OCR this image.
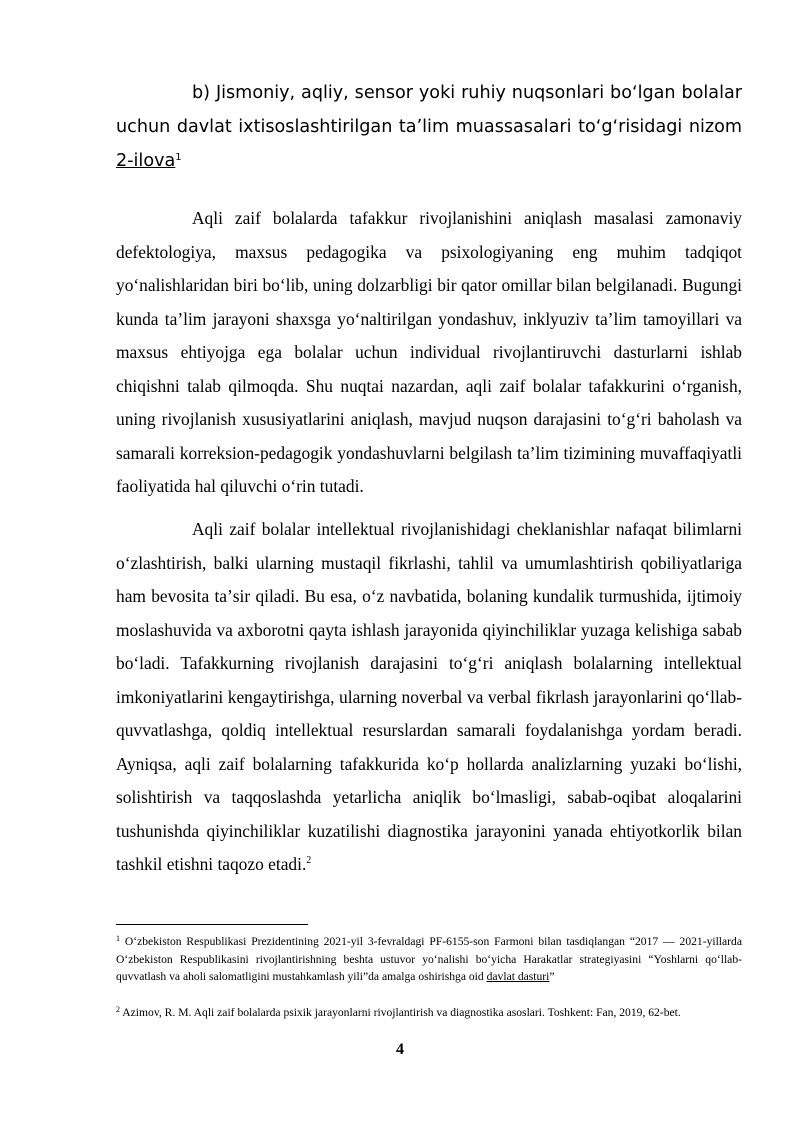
b) Jismoniy, aqliy, sensor yoki ruhiy nuqsonlari boʻlgan bolalar uchun davlat ixtisoslashtirilgan taʼlim muassasalari toʻgʻrisidagi nizom 2-ilova$^1$

Aqli zaif bolalarda tafakkur rivojlanishini aniqlash masalasi zamonaviy defektologiya, maxsus pedagogika va psixologiyaning eng muhim tadqiqot yoʻnalishlaridan biri boʻlib, uning dolzarbligi bir qator omillar bilan belgilanadi. Bugungi kunda taʼlim jarayoni shaxsga yoʻnaltirilgan yondashuv, inklyuziv taʼlim tamoyillari va maxsus ehtiyojga ega bolalar uchun individual rivojlantiruvchi dasturlarni ishlab chiqishni talab qilmoqda. Shu nuqtai nazardan, aqli zaif bolalar tafakkurini oʻrganish, uning rivojlanish xususiyatlarini aniqlash, mavjud nuqson darajasini toʻgʻri baholash va samarali korreksion-pedagogik yondashuvlarni belgilash taʼlim tizimining muvaffaqiyatli faoliyatida hal qiluvchi oʻrin tutadi.

Aqli zaif bolalar intellektual rivojlanishidagi cheklanishlar nafaqat bilimlarni oʻzlashtirish, balki ularning mustaqil fikrlashi, tahlil va umumlashtirish qobiliyatlariga ham bevosita taʼsir qiladi. Bu esa, oʻz navbatida, bolaning kundalik turmushida, ijtimoiy moslashuvida va axborotni qayta ishlash jarayonida qiyinchiliklar yuzaga kelishiga sabab boʻladi. Tafakkurning rivojlanish darajasini toʻgʻri aniqlash bolalarning intellektual imkoniyatlarini kengaytirishga, ularning noverbal va verbal fikrlash jarayonlarini qoʻllab-quvvatlashga, qoldiq intellektual resurslardan samarali foydalanishga yordam beradi. Ayniqsa, aqli zaif bolalarning tafakkurida koʻp hollarda analizlarning yuzaki boʻlishi, solishtirish va taqqoslashda yetarlicha aniqlik boʻlmasligi, sabab-oqibat aloqalarini tushunishda qiyinchiliklar kuzatilishi diagnostika jarayonini yanada ehtiyotkorlik bilan tashkil etishni taqozo etadi.$^2$

$^1$ Oʻzbekiston Respublikasi Prezidentining 2021-yil 3-fevraldagi PF-6155-son Farmoni bilan tasdiqlangan “2017 — 2021-yillarda Oʻzbekiston Respublikasini rivojlantirishning beshta ustuvor yoʻnalishi boʻyicha Harakatlar strategiyasini “Yoshlarni qoʻllab-quvvatlash va aholi salomatligini mustahkamlash yili”da amalga oshirishga oid davlat dasturi”

$^2$ Azimov, R. M. Aqli zaif bolalarda psixik jarayonlarni rivojlantirish va diagnostika asoslari. Toshkent: Fan, 2019, 62-bet.

4
